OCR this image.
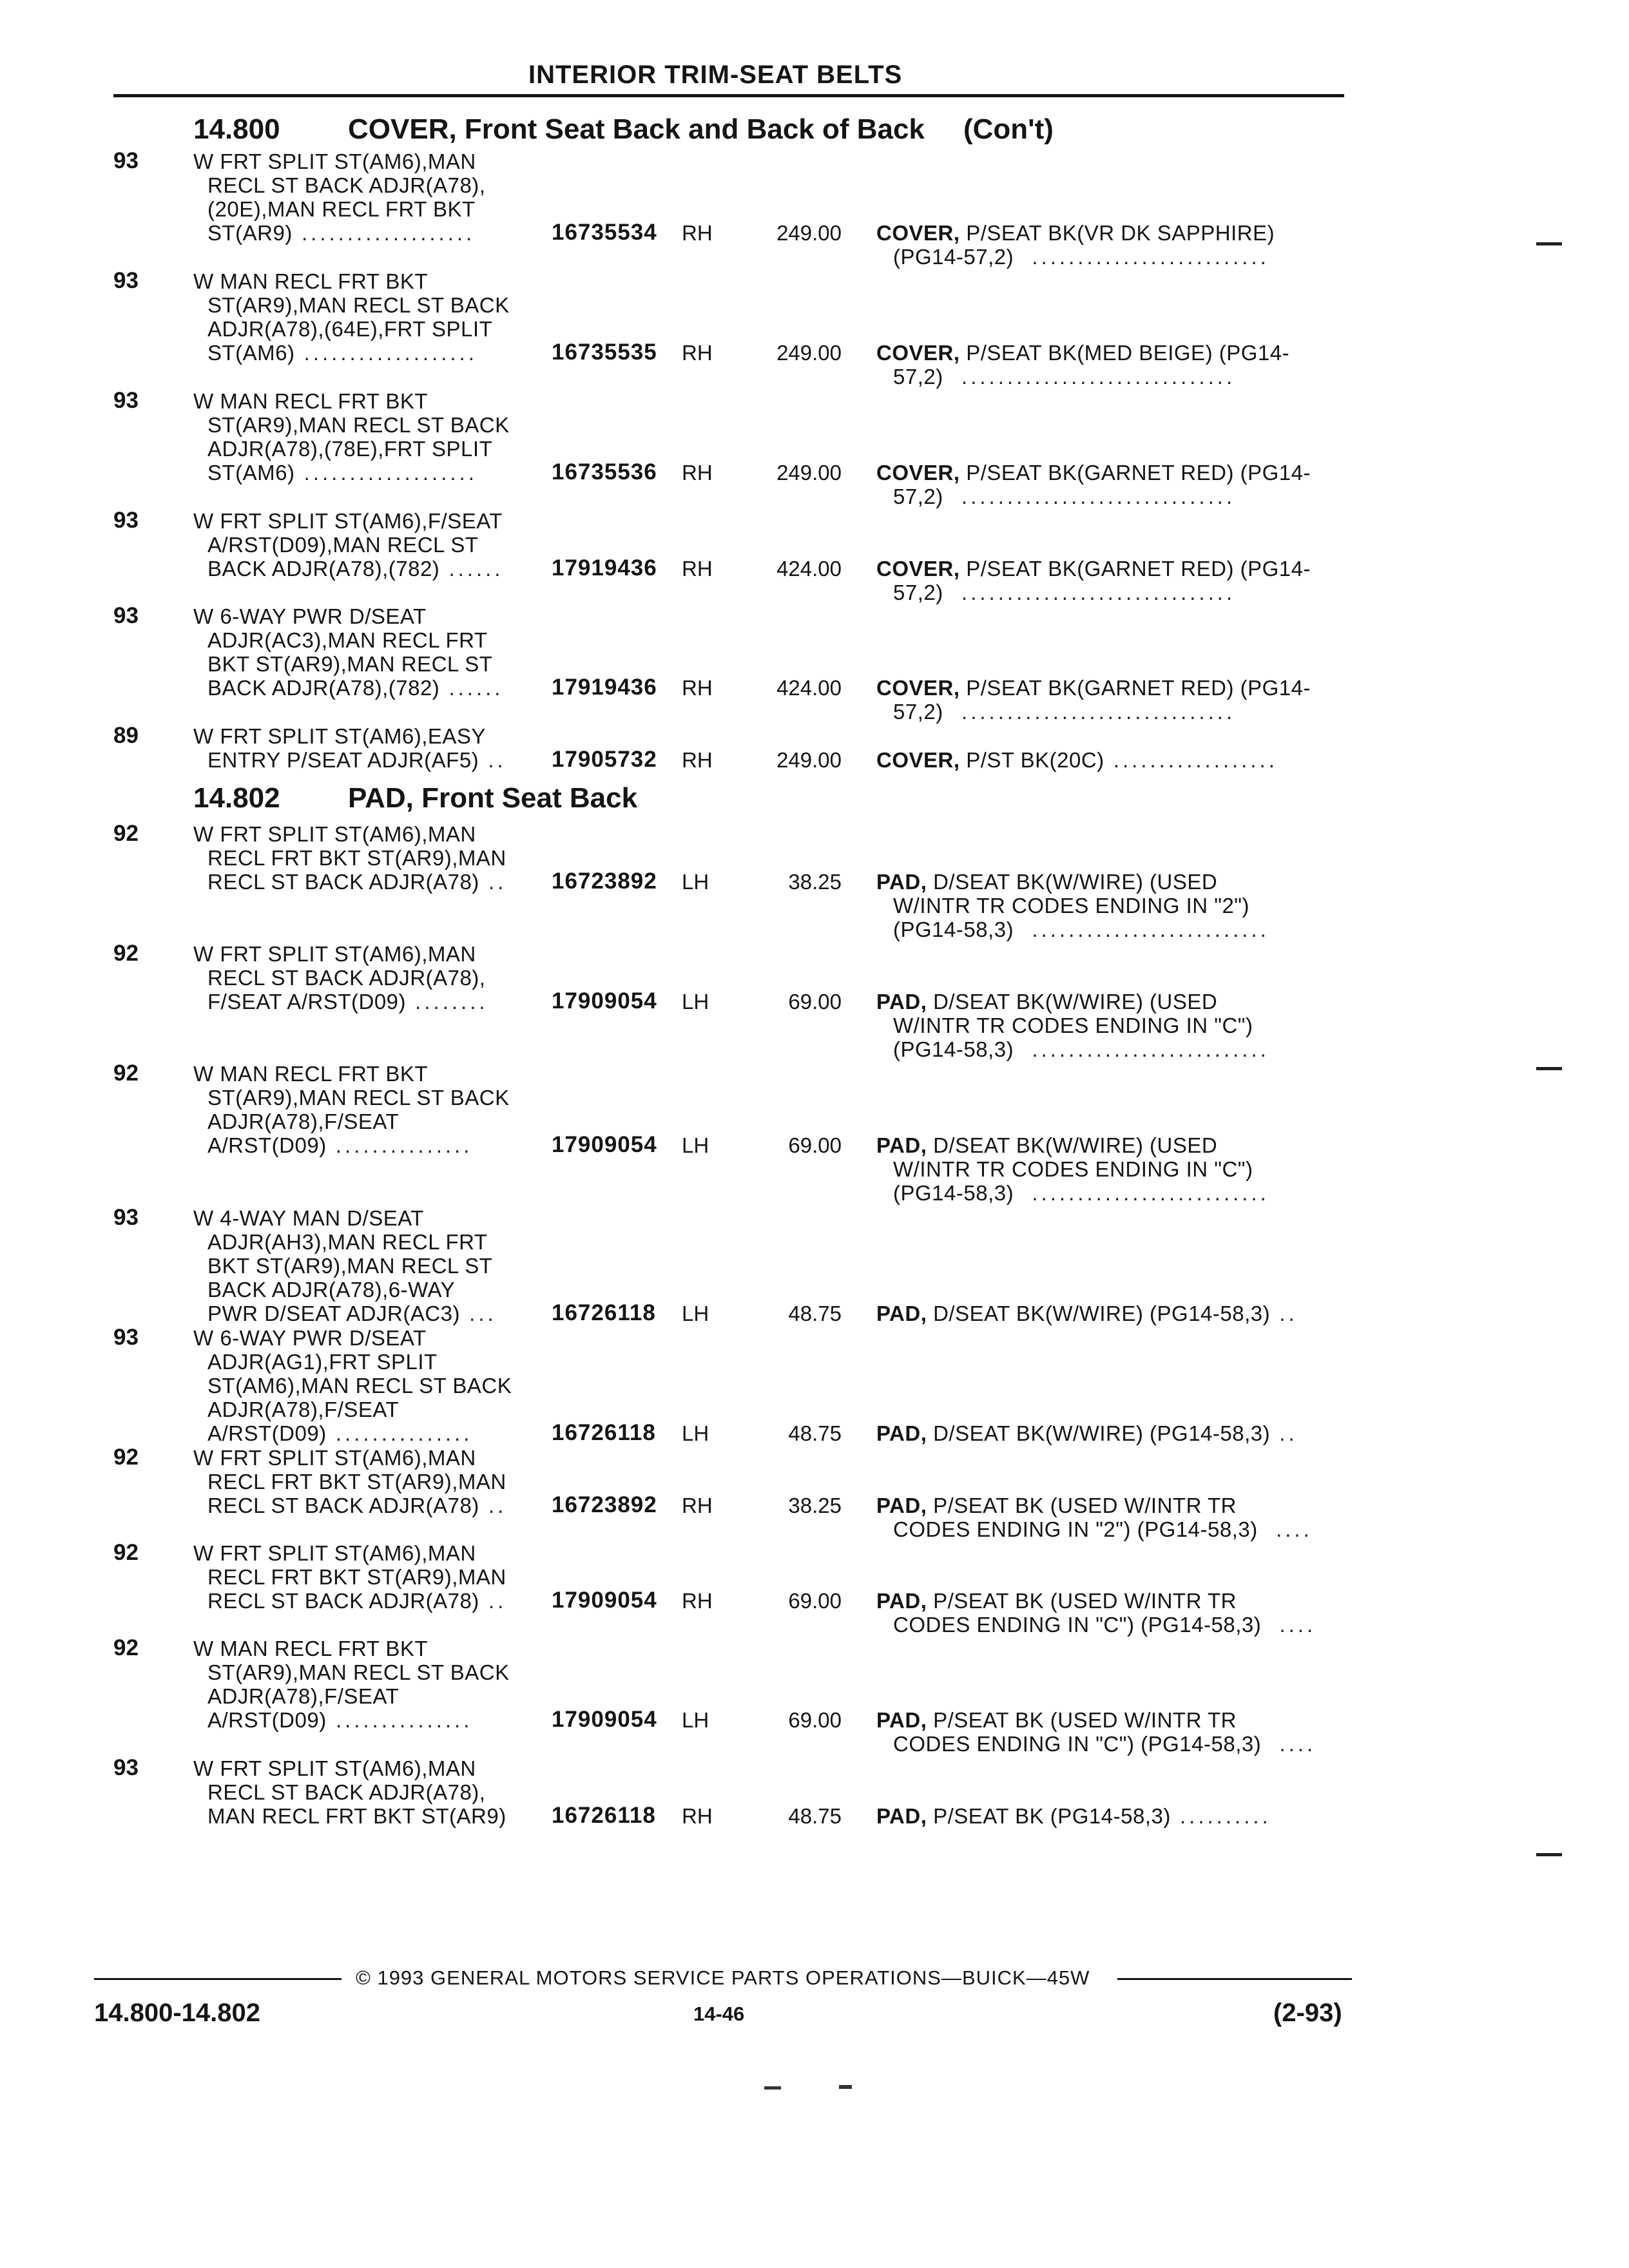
INTERIOR TRIM-SEAT BELTS
14.800 COVER, Front Seat Back and Back of Back (Con't)
14.802 PAD, Front Seat Back
93	W FRT SPLIT ST(AM6),MAN
RECL ST BACK ADJR(A78),
(20E),MAN RECL FRT BKT
ST(AR9) ...................	16735534 RH	249.00 COVER, P/SEAT BK(VR DK SAPPHIRE)
(PG14-57,2)  ..........................
93	W MAN RECL FRT BKT
ST(AR9),MAN RECL ST BACK
ADJR(A78),(64E),FRT SPLIT
ST(AM6) ...................	16735535 RH	249.00 COVER, P/SEAT BK(MED BEIGE) (PG14-
57,2)  ..............................
93	W MAN RECL FRT BKT
ST(AR9),MAN RECL ST BACK
ADJR(A78),(78E),FRT SPLIT
ST(AM6) ...................	16735536 RH	249.00 COVER, P/SEAT BK(GARNET RED) (PG14-
57,2)  ..............................
93	W FRT SPLIT ST(AM6),F/SEAT
A/RST(D09),MAN RECL ST
BACK ADJR(A78),(782) ...... 17919436 RH	424.00 COVER, P/SEAT BK(GARNET RED) (PG14-
57,2)  ..............................
93	W 6-WAY PWR D/SEAT
ADJR(AC3),MAN RECL FRT
BKT ST(AR9),MAN RECL ST
BACK ADJR(A78),(782) ...... 17919436 RH	424.00 COVER, P/SEAT BK(GARNET RED) (PG14-
57,2)  ..............................
89	W FRT SPLIT ST(AM6),EASY
ENTRY P/SEAT ADJR(AF5) .. 17905732 RH	249.00 COVER, P/ST BK(20C) ..................
92	W FRT SPLIT ST(AM6),MAN
RECL FRT BKT ST(AR9),MAN
RECL ST BACK ADJR(A78) .. 16723892 LH	38.25 PAD, D/SEAT BK(W/WIRE) (USED
W/INTR TR CODES ENDING IN "2")
(PG14-58,3)  ..........................
92	W FRT SPLIT ST(AM6),MAN
RECL ST BACK ADJR(A78),
F/SEAT A/RST(D09) ........	17909054 LH	69.00 PAD, D/SEAT BK(W/WIRE) (USED
W/INTR TR CODES ENDING IN "C")
(PG14-58,3)  ..........................
92	W MAN RECL FRT BKT
ST(AR9),MAN RECL ST BACK
ADJR(A78),F/SEAT
A/RST(D09) ...............	17909054 LH	69.00 PAD, D/SEAT BK(W/WIRE) (USED
W/INTR TR CODES ENDING IN "C")
(PG14-58,3)  ..........................
93	W 4-WAY MAN D/SEAT
ADJR(AH3),MAN RECL FRT
BKT ST(AR9),MAN RECL ST
BACK ADJR(A78),6-WAY
PWR D/SEAT ADJR(AC3) ... 16726118 LH	48.75 PAD, D/SEAT BK(W/WIRE) (PG14-58,3) ..
93	W 6-WAY PWR D/SEAT
ADJR(AG1),FRT SPLIT
ST(AM6),MAN RECL ST BACK
ADJR(A78),F/SEAT
A/RST(D09) ...............	16726118 LH	48.75 PAD, D/SEAT BK(W/WIRE) (PG14-58,3) ..
92	W FRT SPLIT ST(AM6),MAN
RECL FRT BKT ST(AR9),MAN
RECL ST BACK ADJR(A78) .. 16723892 RH	38.25 PAD, P/SEAT BK (USED W/INTR TR
CODES ENDING IN "2") (PG14-58,3)  ....
92	W FRT SPLIT ST(AM6),MAN
RECL FRT BKT ST(AR9),MAN
RECL ST BACK ADJR(A78) .. 17909054 RH	69.00 PAD, P/SEAT BK (USED W/INTR TR
CODES ENDING IN "C") (PG14-58,3)  ....
92	W MAN RECL FRT BKT
ST(AR9),MAN RECL ST BACK
ADJR(A78),F/SEAT
A/RST(D09) ...............	17909054 LH	69.00 PAD, P/SEAT BK (USED W/INTR TR
CODES ENDING IN "C") (PG14-58,3)  ....
93	W FRT SPLIT ST(AM6),MAN
RECL ST BACK ADJR(A78),
MAN RECL FRT BKT ST(AR9) 16726118 RH	48.75 PAD, P/SEAT BK (PG14-58,3) ..........
© 1993 GENERAL MOTORS SERVICE PARTS OPERATIONS—BUICK—45W
14.800-14.802	14-46	(2-93)
